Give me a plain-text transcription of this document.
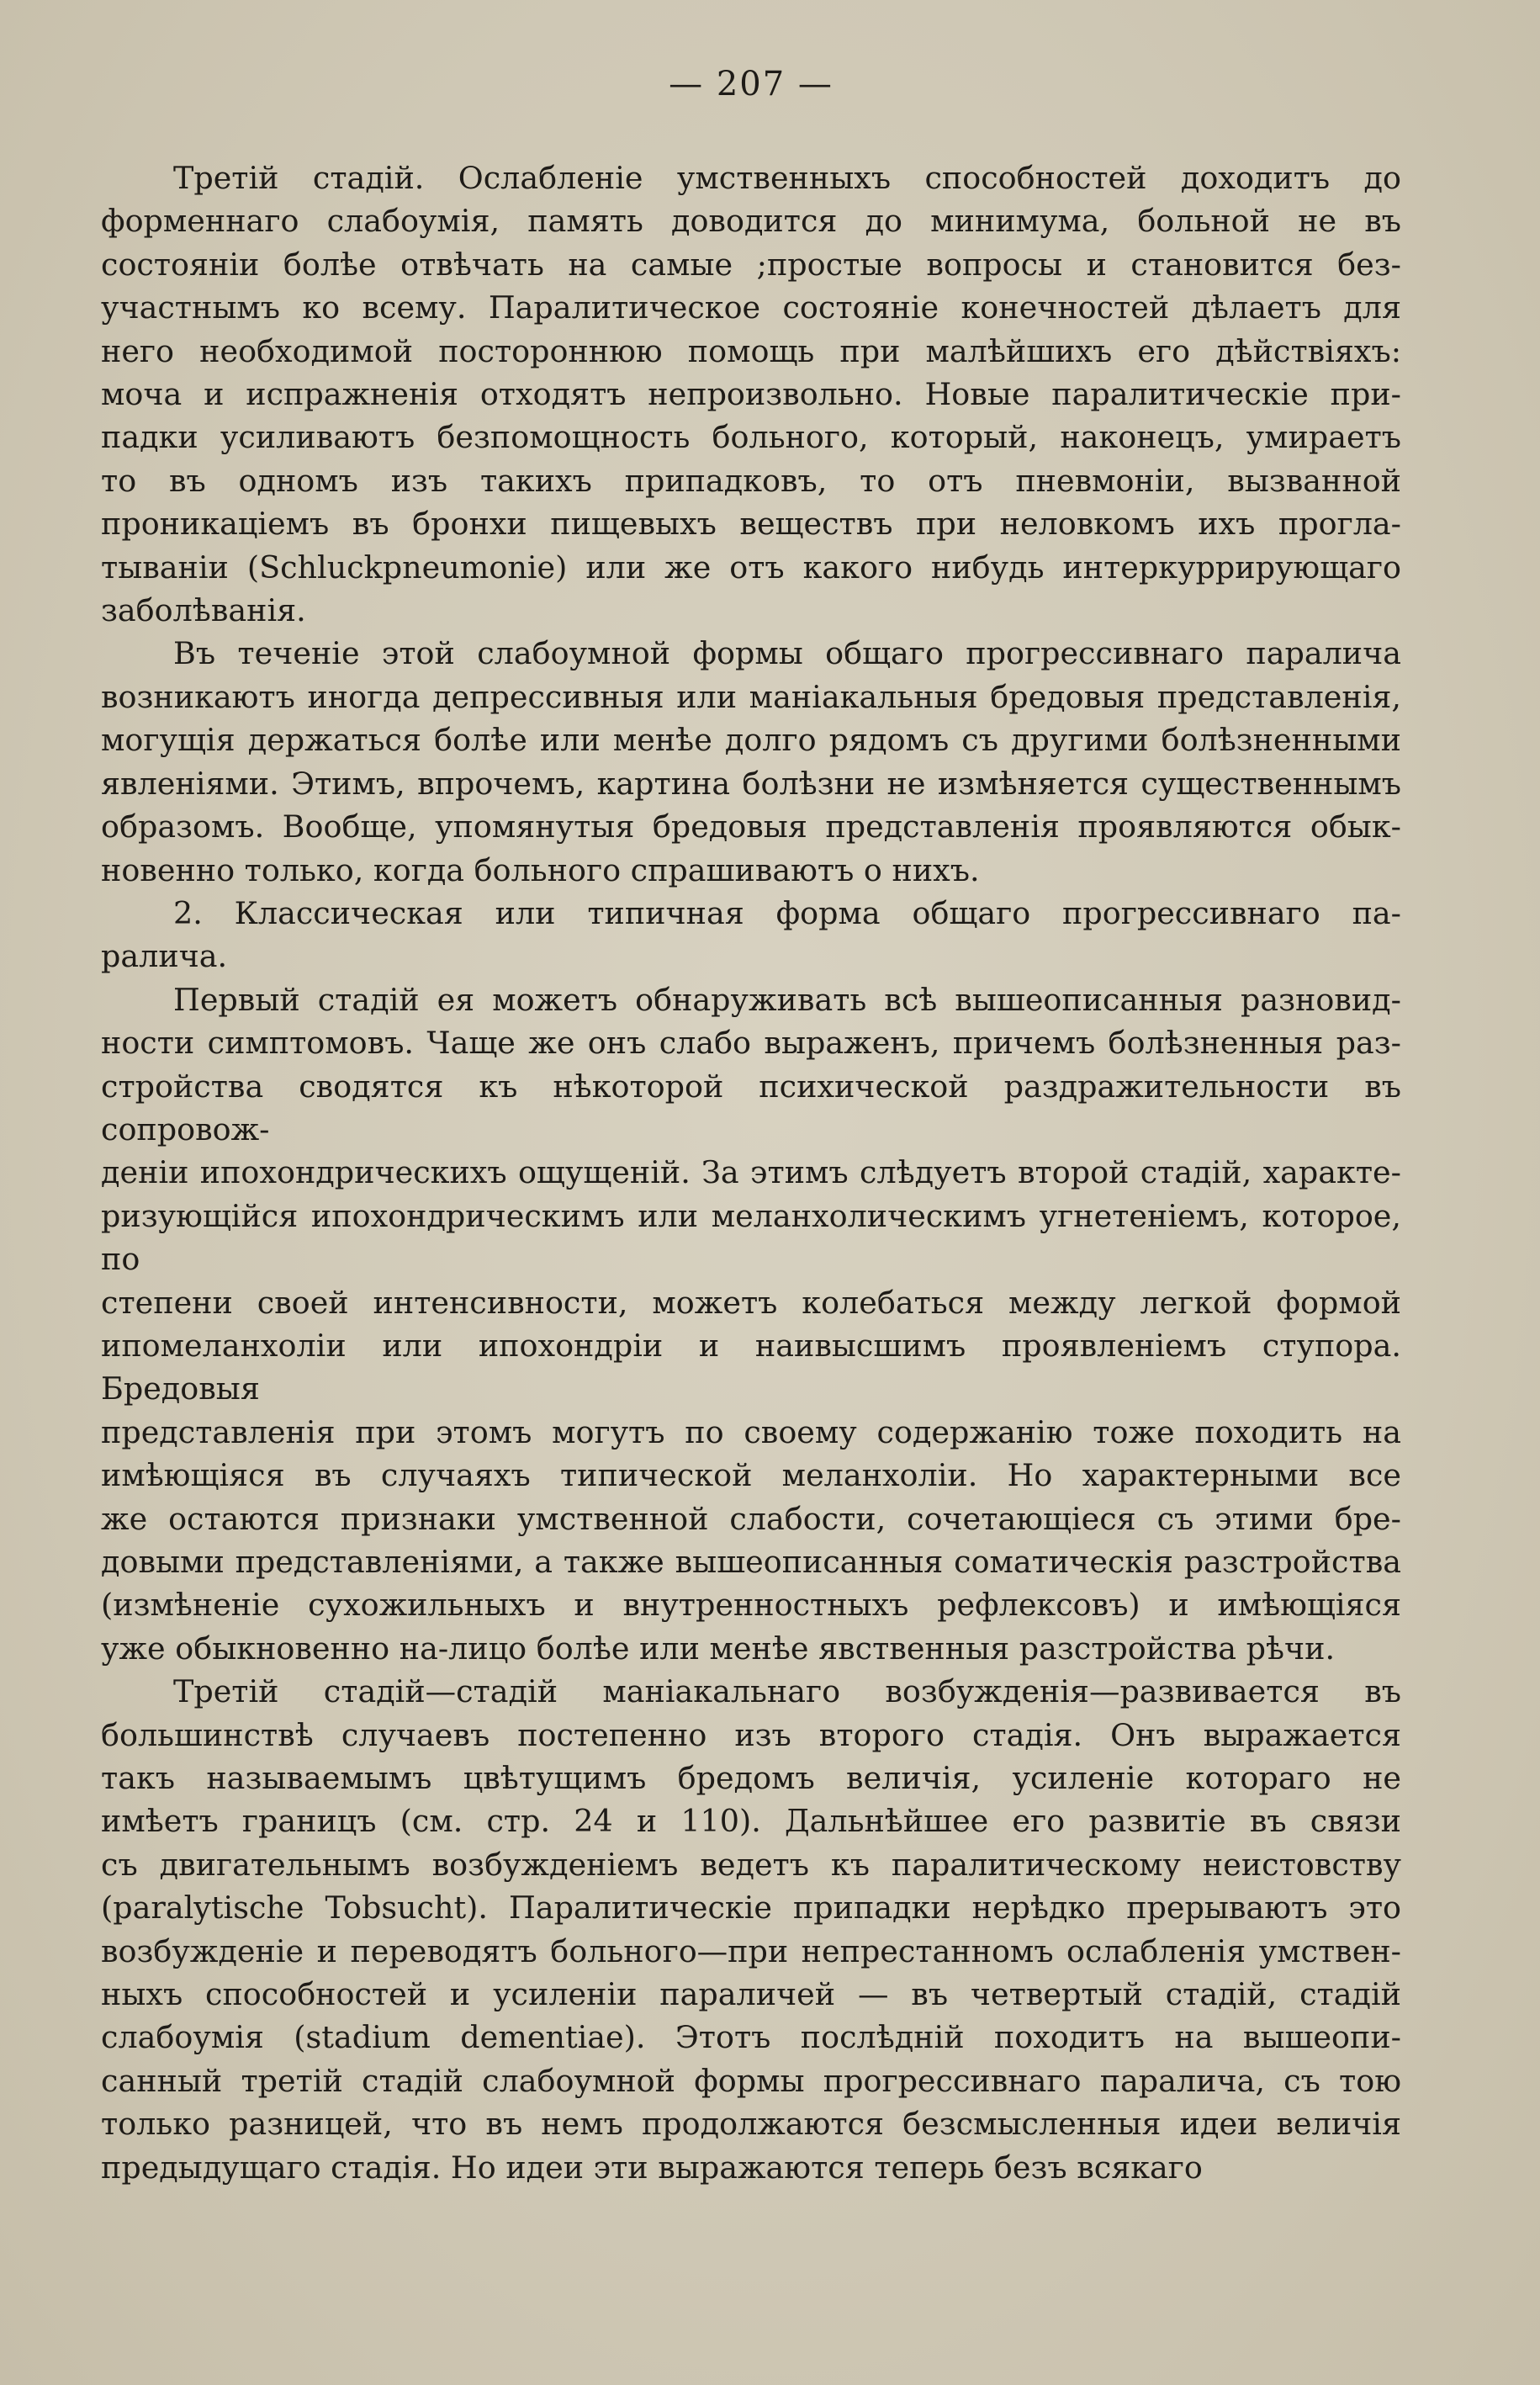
— 207 —

Третій стадій. Ослабленіе умственныхъ способностей доходитъ до
форменнаго слабоумія, память доводится до минимума, больной не въ
состояніи болѣе отвѣчать на самые ;простые вопросы и становится без-
участнымъ ко всему. Паралитическое состояніе конечностей дѣлаетъ для
него необходимой постороннюю помощь при малѣйшихъ его дѣйствіяхъ:
моча и испражненія отходятъ непроизвольно. Новые паралитическіе при-
падки усиливаютъ безпомощность больного, который, наконецъ, умираетъ
то въ одномъ изъ такихъ припадковъ, то отъ пневмоніи, вызванной
проникаціемъ въ бронхи пищевыхъ веществъ при неловкомъ ихъ прогла-
тываніи (Schluckpneumonie) или же отъ какого нибудь интеркуррирующаго
заболѣванія.

Въ теченіе этой слабоумной формы общаго прогрессивнаго паралича
возникаютъ иногда депрессивныя или маніакальныя бредовыя представленія,
могущія держаться болѣе или менѣе долго рядомъ съ другими болѣзненными
явленіями. Этимъ, впрочемъ, картина болѣзни не измѣняется существеннымъ
образомъ. Вообще, упомянутыя бредовыя представленія проявляются обык-
новенно только, когда больного спрашиваютъ о нихъ.

2. Классическая или типичная форма общаго прогрессивнаго па-
ралича.

Первый стадій ея можетъ обнаруживать всѣ вышеописанныя разновид-
ности симптомовъ. Чаще же онъ слабо выраженъ, причемъ болѣзненныя раз-
стройства сводятся къ нѣкоторой психической раздражительности въ сопровож-
деніи ипохондрическихъ ощущеній. За этимъ слѣдуетъ второй стадій, характе-
ризующійся ипохондрическимъ или меланхолическимъ угнетеніемъ, которое, по
степени своей интенсивности, можетъ колебаться между легкой формой
ипомеланхоліи или ипохондріи и наивысшимъ проявленіемъ ступора. Бредовыя
представленія при этомъ могутъ по своему содержанію тоже походить на
имѣющіяся въ случаяхъ типической меланхоліи. Но характерными все
же остаются признаки умственной слабости, сочетающіеся съ этими бре-
довыми представленіями, а также вышеописанныя соматическія разстройства
(измѣненіе сухожильныхъ и внутренностныхъ рефлексовъ) и имѣющіяся
уже обыкновенно на-лицо болѣе или менѣе явственныя разстройства рѣчи.

Третій стадій—стадій маніакальнаго возбужденія—развивается въ
большинствѣ случаевъ постепенно изъ второго стадія. Онъ выражается
такъ называемымъ цвѣтущимъ бредомъ величія, усиленіе котораго не
имѣетъ границъ (см. стр. 24 и 110). Дальнѣйшее его развитіе въ связи
съ двигательнымъ возбужденіемъ ведетъ къ паралитическому неистовству
(paralytische Tobsucht). Паралитическіе припадки нерѣдко прерываютъ это
возбужденіе и переводятъ больного—при непрестанномъ ослабленія умствен-
ныхъ способностей и усиленіи параличей — въ четвертый стадій, стадій
слабоумія (stadium dementiae). Этотъ послѣдній походитъ на вышеопи-
санный третій стадій слабоумной формы прогрессивнаго паралича, съ тою
только разницей, что въ немъ продолжаются безсмысленныя идеи величія
предыдущаго стадія. Но идеи эти выражаются теперь безъ всякаго
